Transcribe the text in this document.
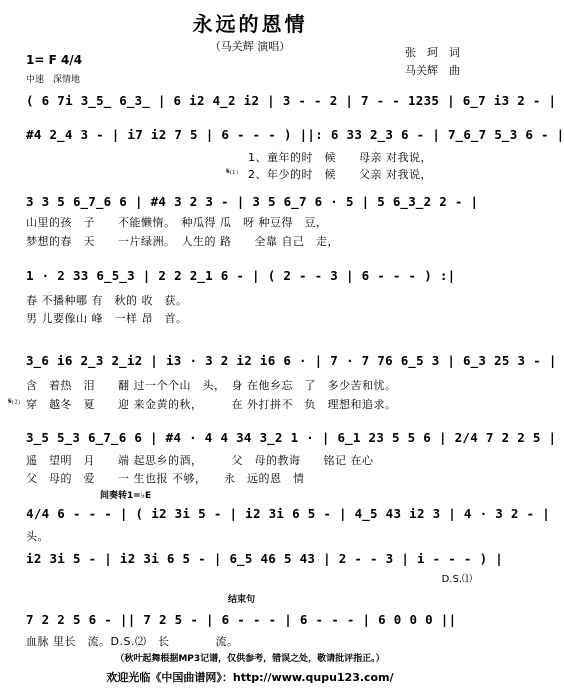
永远的恩情
（马关辉 演唱）	张　珂　词
马关辉　曲
1= F 4/4
中速　深情地
( 6 7i 3̲5̲ 6̲3̲ | 6 i2 4̲2 i2 | 3 - - 2 | 7 - - 1235 | 6̲7 i3 2 - |
#4 2̲4 3 - | i7 i2 7 5 | 6 - - - ) ||: 6 33 2̲3 6 - | 7̲6̲7 5̲3 6 - |
1、童年的时　候　　母亲 对我说，
𝄋⑴ 2、年少的时　候　　父亲 对我说，
3 3 5 6̲7̲6 6 | #4 3 2 3 - | 3 5 6̲7 6 · 5 | 5 6̲3̲2 2 - |
山里的孩　子　　不能懒惰。　种瓜得 瓜　呀 种豆得　豆，
梦想的春　天　　一片绿洲。　人生的 路　　全靠 自己　走，
1 · 2 33 6̲5̲3 | 2 2 2̲1 6 - | ( 2 - - 3 | 6 - - - ) :|
春 不播种哪 有　秋的 收　获。
男 儿要像山 峰　一样 昂　首。
3̲6 i6 2̲3 2̲i2 | i3 · 3 2 i2 i6 6 · | 7 · 7 76 6̲5 3 | 6̲3 25 3 - |
含　着热　泪　　翻 过一个个山　头，　身 在他乡忘　了　多少苦和忧。
𝄋⑵ 穿　越冬　夏　　迎 来金黄的秋，　　　在 外打拼不　负　理想和追求。
3̲5 5̲3 6̲7̲6 6 | #4 · 4 4 34 3̲2 1 · | 6̲1 23 5 5 6 | 2/4 7 2 2 5 |
遥　望明　月　　端 起思乡的酒，　　　父　母的教诲　　铭记 在心
父　母的　爱　　一 生也报 不够，　　永　远的恩　情
间奏转1=♭E
4/4 6 - - - | ( i2 3i 5 - | i2 3i 6 5 - | 4̲5 43 i2 3 | 4 · 3 2 - |
头。
i2 3i 5 - | i2 3i 6 5 - | 6̲5 46 5 43 | 2 - - 3 | i - - - ) |
D.S.⑴
结束句
7 2 2 5 6 - || 7 2 5 - | 6 - - - | 6 - - - | 6 0 0 0 ||
血脉 里长　流。D.S.⑵　长　　　　流。
（秋叶起舞根据MP3记谱，仅供参考，错误之处，敬请批评指正。）
欢迎光临《中国曲谱网》：http://www.qupu123.com/
